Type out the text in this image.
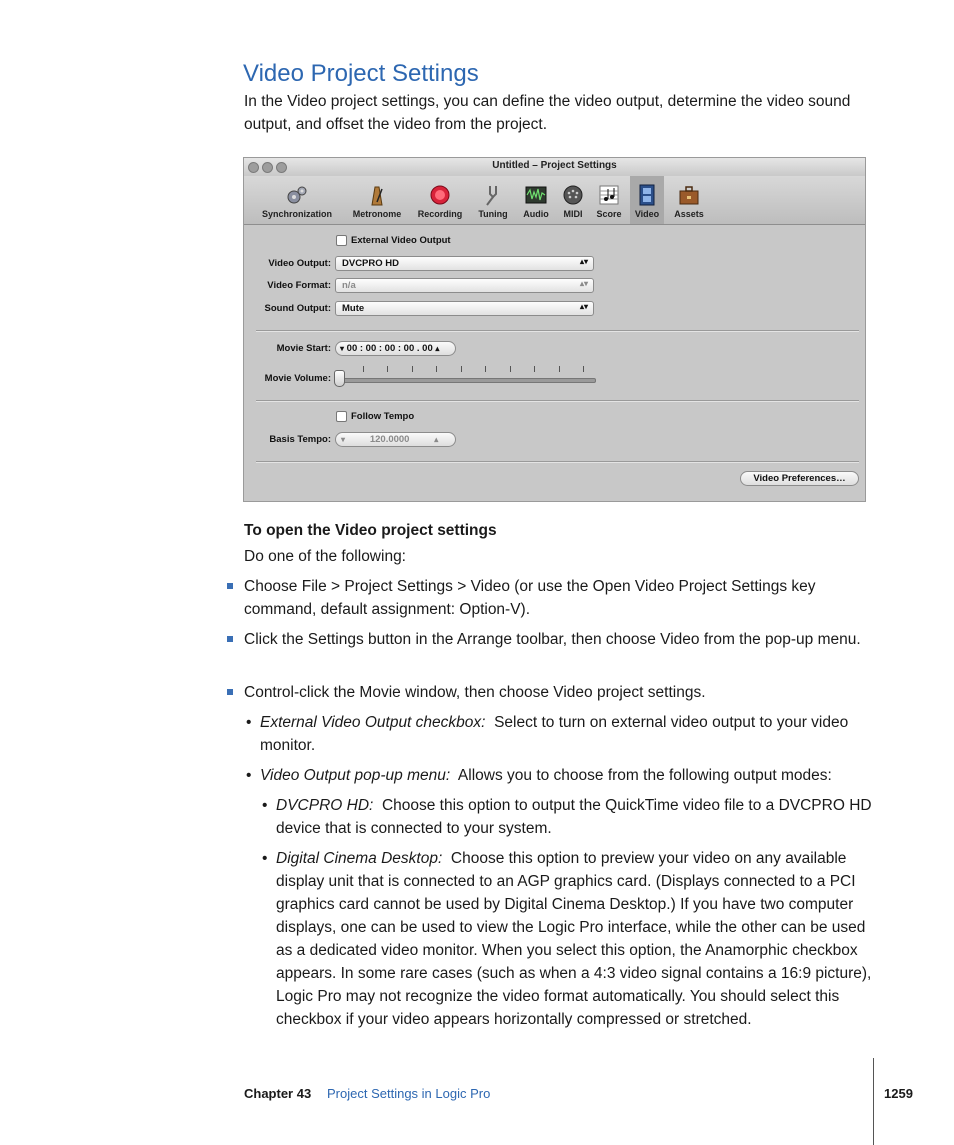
Video Project Settings
In the Video project settings, you can define the video output, determine the video sound output, and offset the video from the project.
Untitled – Project Settings
Synchronization	Metronome	Recording	Tuning	Audio	MIDI	Score	Video	Assets
External Video Output
Video Output:	DVCPRO HD	▴▾
Video Format:	n/a	▴▾
Sound Output:	Mute	▴▾
Movie Start:	▾ 00 : 00 : 00 : 00 . 00 ▴
Movie Volume:
Follow Tempo
Basis Tempo:	▾	120.0000	▴
Video Preferences…
To open the Video project settings
Do one of the following:
Choose File > Project Settings > Video (or use the Open Video Project Settings key command, default assignment: Option-V).
Click the Settings button in the Arrange toolbar, then choose Video from the pop-up menu.
Control-click the Movie window, then choose Video project settings.
• External Video Output checkbox: Select to turn on external video output to your video monitor.
• Video Output pop-up menu: Allows you to choose from the following output modes:
• DVCPRO HD: Choose this option to output the QuickTime video file to a DVCPRO HD device that is connected to your system.
• Digital Cinema Desktop: Choose this option to preview your video on any available display unit that is connected to an AGP graphics card. (Displays connected to a PCI graphics card cannot be used by Digital Cinema Desktop.) If you have two computer displays, one can be used to view the Logic Pro interface, while the other can be used as a dedicated video monitor. When you select this option, the Anamorphic checkbox appears. In some rare cases (such as when a 4:3 video signal contains a 16:9 picture), Logic Pro may not recognize the video format automatically. You should select this checkbox if your video appears horizontally compressed or stretched.
Chapter 43 Project Settings in Logic Pro	1259
